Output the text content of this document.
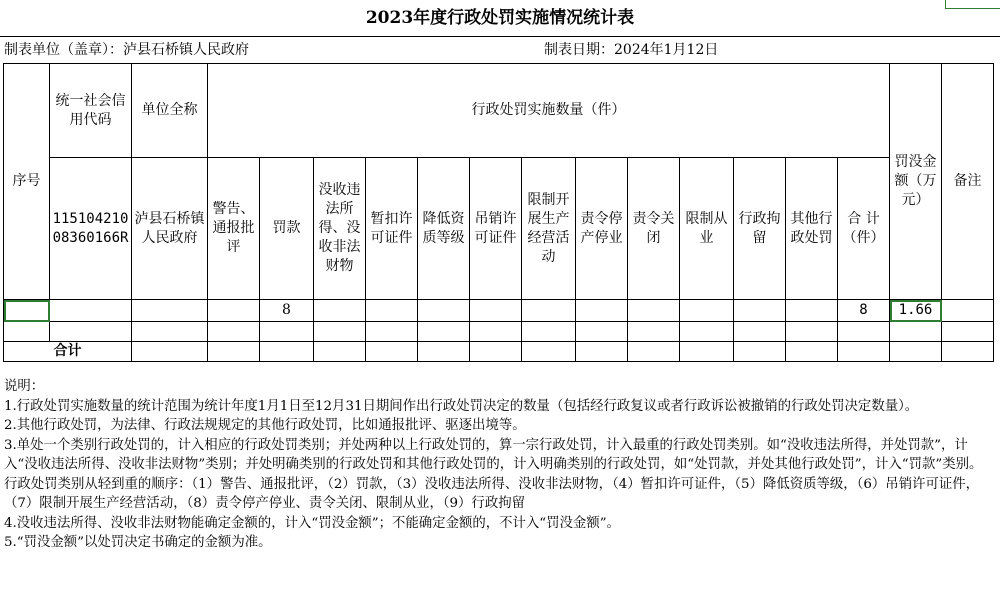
2023年度行政处罚实施情况统计表
制表单位（盖章）：泸县石桥镇人民政府	制表日期：2024年1月12日
序号	统一社会信用代码	单位全称	行政处罚实施数量（件）													罚没金额（万元）	备注
	115104210 08360166R	泸县石桥镇人民政府	警告、通报批评	罚款	没收违法所得、没收非法财物	暂扣许可证件	降低资质等级	吊销许可证件	限制开展生产经营活动	责令停产停业	责令关闭	限制从业	行政拘留	其他行政处罚	合 计（件）		
				8											8	1.66	

合计																	

说明：

1.行政处罚实施数量的统计范围为统计年度1月1日至12月31日期间作出行政处罚决定的数量（包括经行政复议或者行政诉讼被撤销的行政处罚决定数量）。

2.其他行政处罚，为法律、行政法规规定的其他行政处罚，比如通报批评、驱逐出境等。

3.单处一个类别行政处罚的，计入相应的行政处罚类别；并处两种以上行政处罚的，算一宗行政处罚，计入最重的行政处罚类别。如“没收违法所得，并处罚款”，计入“没收违法所得、没收非法财物”类别；并处明确类别的行政处罚和其他行政处罚的，计入明确类别的行政处罚，如“处罚款，并处其他行政处罚”，计入“罚款”类别。行政处罚类别从轻到重的顺序：（1）警告、通报批评，（2）罚款，（3）没收违法所得、没收非法财物，（4）暂扣许可证件，（5）降低资质等级，（6）吊销许可证件，（7）限制开展生产经营活动，（8）责令停产停业、责令关闭、限制从业，（9）行政拘留

4.没收违法所得、没收非法财物能确定金额的，计入“罚没金额”；不能确定金额的，不计入“罚没金额”。

5.“罚没金额”以处罚决定书确定的金额为准。
